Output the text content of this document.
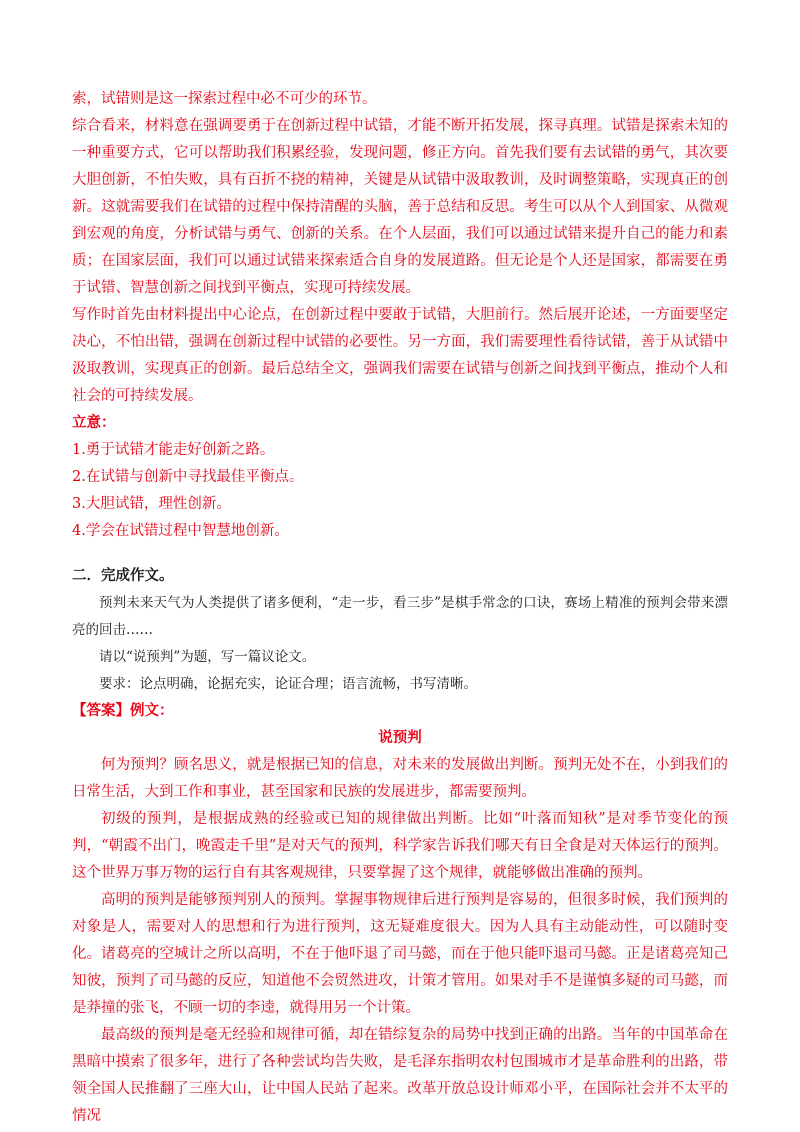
索，试错则是这一探索过程中必不可少的环节。

综合看来，材料意在强调要勇于在创新过程中试错，才能不断开拓发展，探寻真理。试错是探索未知的一种重要方式，它可以帮助我们积累经验，发现问题，修正方向。首先我们要有去试错的勇气，其次要大胆创新，不怕失败，具有百折不挠的精神，关键是从试错中汲取教训，及时调整策略，实现真正的创新。这就需要我们在试错的过程中保持清醒的头脑，善于总结和反思。考生可以从个人到国家、从微观到宏观的角度，分析试错与勇气、创新的关系。在个人层面，我们可以通过试错来提升自己的能力和素质；在国家层面，我们可以通过试错来探索适合自身的发展道路。但无论是个人还是国家，都需要在勇于试错、智慧创新之间找到平衡点，实现可持续发展。

写作时首先由材料提出中心论点，在创新过程中要敢于试错，大胆前行。然后展开论述，一方面要坚定决心，不怕出错，强调在创新过程中试错的必要性。另一方面，我们需要理性看待试错，善于从试错中汲取教训，实现真正的创新。最后总结全文，强调我们需要在试错与创新之间找到平衡点，推动个人和社会的可持续发展。

立意：

1.勇于试错才能走好创新之路。

2.在试错与创新中寻找最佳平衡点。

3.大胆试错，理性创新。

4.学会在试错过程中智慧地创新。

二．完成作文。

预判未来天气为人类提供了诸多便利，“走一步，看三步”是棋手常念的口诀，赛场上精准的预判会带来漂亮的回击……

请以“说预判”为题，写一篇议论文。

要求：论点明确，论据充实，论证合理；语言流畅，书写清晰。

【答案】例文：
说预判

何为预判？顾名思义，就是根据已知的信息，对未来的发展做出判断。预判无处不在，小到我们的日常生活，大到工作和事业，甚至国家和民族的发展进步，都需要预判。

初级的预判，是根据成熟的经验或已知的规律做出判断。比如“叶落而知秋”是对季节变化的预判，“朝霞不出门，晚霞走千里”是对天气的预判，科学家告诉我们哪天有日全食是对天体运行的预判。这个世界万事万物的运行自有其客观规律，只要掌握了这个规律，就能够做出准确的预判。

高明的预判是能够预判别人的预判。掌握事物规律后进行预判是容易的，但很多时候，我们预判的对象是人，需要对人的思想和行为进行预判，这无疑难度很大。因为人具有主动能动性，可以随时变化。诸葛亮的空城计之所以高明，不在于他吓退了司马懿，而在于他只能吓退司马懿。正是诸葛亮知己知彼，预判了司马懿的反应，知道他不会贸然进攻，计策才管用。如果对手不是谨慎多疑的司马懿，而是莽撞的张飞，不顾一切的李逵，就得用另一个计策。

最高级的预判是毫无经验和规律可循，却在错综复杂的局势中找到正确的出路。当年的中国革命在黑暗中摸索了很多年，进行了各种尝试均告失败，是毛泽东指明农村包围城市才是革命胜利的出路，带领全国人民推翻了三座大山，让中国人民站了起来。改革开放总设计师邓小平，在国际社会并不太平的情况
